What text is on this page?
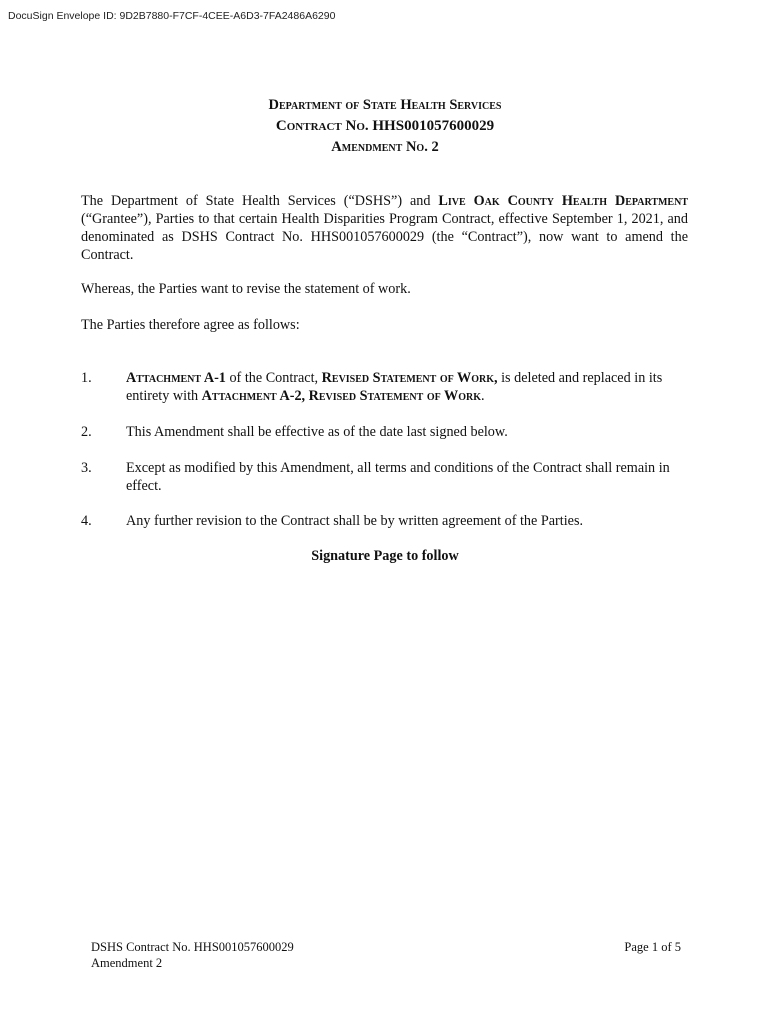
DocuSign Envelope ID: 9D2B7880-F7CF-4CEE-A6D3-7FA2486A6290
Department of State Health Services
Contract No. HHS001057600029
Amendment No. 2
The Department of State Health Services (“DSHS”) and Live Oak County Health Department (“Grantee”), Parties to that certain Health Disparities Program Contract, effective September 1, 2021, and denominated as DSHS Contract No. HHS001057600029 (the “Contract”), now want to amend the Contract.
Whereas, the Parties want to revise the statement of work.
The Parties therefore agree as follows:
1.	Attachment A-1 of the Contract, Revised Statement of Work, is deleted and replaced in its entirety with Attachment A-2, Revised Statement of Work.
2.	This Amendment shall be effective as of the date last signed below.
3.	Except as modified by this Amendment, all terms and conditions of the Contract shall remain in effect.
4.	Any further revision to the Contract shall be by written agreement of the Parties.
Signature Page to follow
DSHS Contract No. HHS001057600029
Amendment 2
Page 1 of 5
